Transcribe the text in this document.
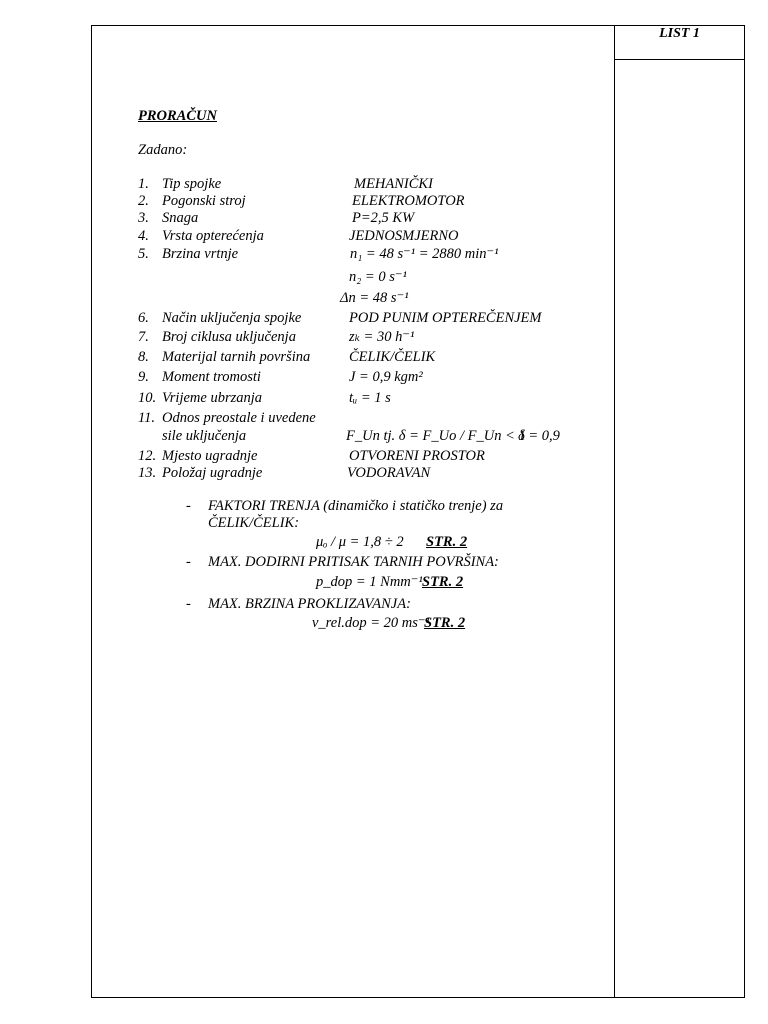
LIST 1
PRORAČUN
Zadano:
1. Tip spojke	MEHANIČKI
2. Pogonski stroj	ELEKTROMOTOR
3. Snaga	P=2,5 KW
4. Vrsta opterećenja	JEDNOSMJERNO
5. Brzina vrtnje	n₁ = 48 s⁻¹ = 2880 min⁻¹
n₂ = 0 s⁻¹
Δn = 48 s⁻¹
6. Način uključenja spojke	POD PUNIM OPTEREČENJEM
7. Broj ciklusa uključenja	zₖ = 30 h⁻¹
8. Materijal tarnih površina	ČELIK/ČELIK
9. Moment tromosti	J = 0,9 kgm²
10. Vrijeme ubrzanja	tᵤ = 1 s
11. Odnos preostale i uvedene
sile uključenja	F_Un tj. δ = F_Uo / F_Un < 1
δ = 0,9
12. Mjesto ugradnje	OTVORENI PROSTOR
13. Položaj ugradnje	VODORAVAN
- FAKTORI TRENJA (dinamičko i statičko trenje) za
ČELIK/ČELIK:
μₒ / μ = 1,8 ÷ 2 STR. 2
- MAX. DODIRNI PRITISAK TARNIH POVRŠINA:
p_dop = 1 Nmm⁻¹ STR. 2
- MAX. BRZINA PROKLIZAVANJA:
v_rel.dop = 20 ms⁻¹
STR. 2
